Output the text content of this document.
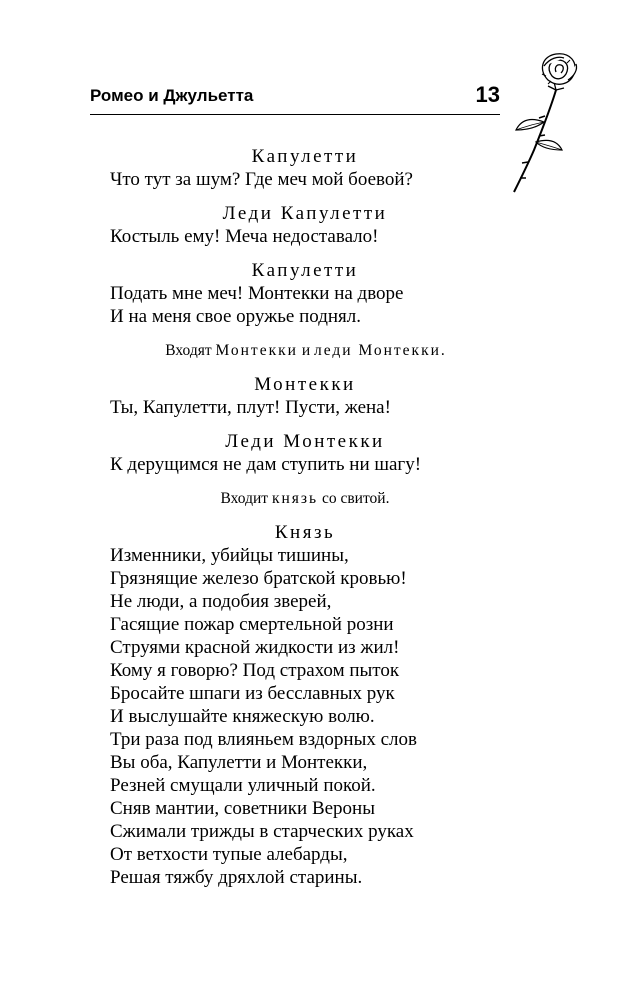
Ромео и Джульетта	13
Капулетти
Что тут за шум? Где меч мой боевой?
Леди Капулетти
Костыль ему! Меча недоставало!
Капулетти
Подать мне меч! Монтекки на дворе
И на меня свое оружье поднял.
Входят Монтекки и леди Монтекки.
Монтекки
Ты, Капулетти, плут! Пусти, жена!
Леди Монтекки
К дерущимся не дам ступить ни шагу!
Входит князь со свитой.
Князь
Изменники, убийцы тишины,
Грязнящие железо братской кровью!
Не люди, а подобия зверей,
Гасящие пожар смертельной розни
Струями красной жидкости из жил!
Кому я говорю? Под страхом пыток
Бросайте шпаги из бесславных рук
И выслушайте княжескую волю.
Три раза под влияньем вздорных слов
Вы оба, Капулетти и Монтекки,
Резней смущали уличный покой.
Сняв мантии, советники Вероны
Сжимали трижды в старческих руках
От ветхости тупые алебарды,
Решая тяжбу дряхлой старины.
